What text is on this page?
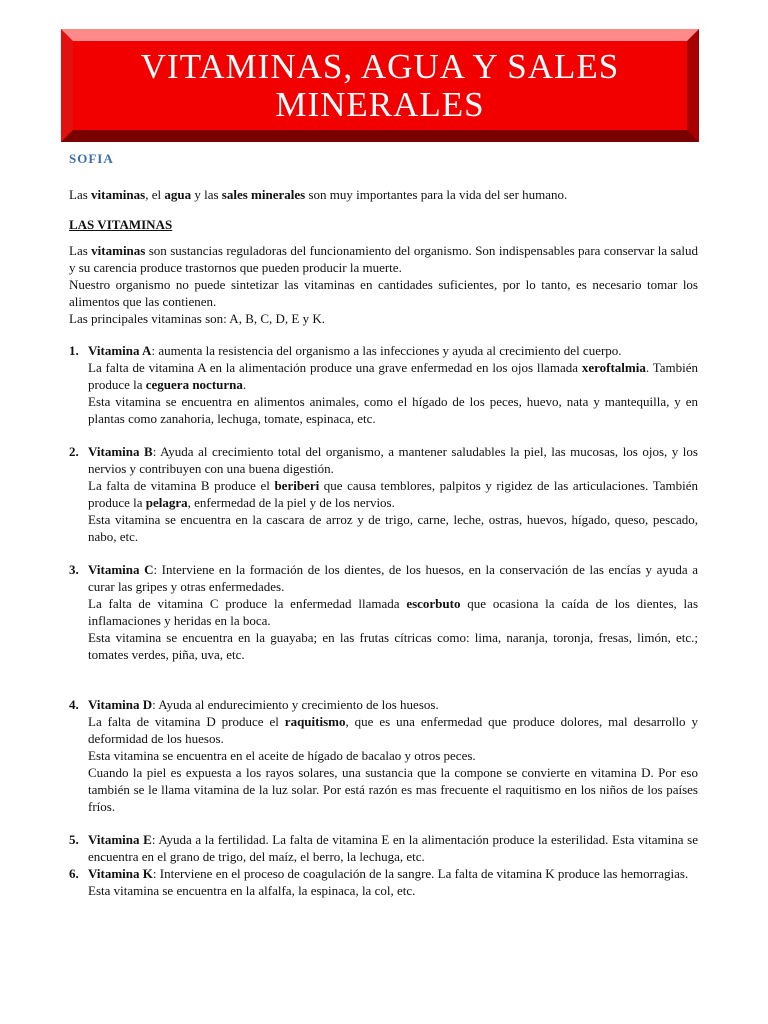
VITAMINAS, AGUA Y SALES MINERALES

SOFIA

Las vitaminas, el agua y las sales minerales son muy importantes para la vida del ser humano.

LAS VITAMINAS

Las vitaminas son sustancias reguladoras del funcionamiento del organismo. Son indispensables para conservar la salud y su carencia produce trastornos que pueden producir la muerte.

Nuestro organismo no puede sintetizar las vitaminas en cantidades suficientes, por lo tanto, es necesario tomar los alimentos que las contienen.

Las principales vitaminas son: A, B, C, D, E y K.

1. Vitamina A: aumenta la resistencia del organismo a las infecciones y ayuda al crecimiento del cuerpo.

La falta de vitamina A en la alimentación produce una grave enfermedad en los ojos llamada xeroftalmia. También produce la ceguera nocturna.

Esta vitamina se encuentra en alimentos animales, como el hígado de los peces, huevo, nata y mantequilla, y en plantas como zanahoria, lechuga, tomate, espinaca, etc.

2. Vitamina B: Ayuda al crecimiento total del organismo, a mantener saludables la piel, las mucosas, los ojos, y los nervios y contribuyen con una buena digestión.

La falta de vitamina B produce el beriberi que causa temblores, palpitos y rigidez de las articulaciones. También produce la pelagra, enfermedad de la piel y de los nervios.

Esta vitamina se encuentra en la cascara de arroz y de trigo, carne, leche, ostras, huevos, hígado, queso, pescado, nabo, etc.

3. Vitamina C: Interviene en la formación de los dientes, de los huesos, en la conservación de las encías y ayuda a curar las gripes y otras enfermedades.

La falta de vitamina C produce la enfermedad llamada escorbuto que ocasiona la caída de los dientes, las inflamaciones y heridas en la boca.

Esta vitamina se encuentra en la guayaba; en las frutas cítricas como: lima, naranja, toronja, fresas, limón, etc.; tomates verdes, piña, uva, etc.

4. Vitamina D: Ayuda al endurecimiento y crecimiento de los huesos.

La falta de vitamina D produce el raquitismo, que es una enfermedad que produce dolores, mal desarrollo y deformidad de los huesos.

Esta vitamina se encuentra en el aceite de hígado de bacalao y otros peces.

Cuando la piel es expuesta a los rayos solares, una sustancia que la compone se convierte en vitamina D. Por eso también se le llama vitamina de la luz solar. Por está razón es mas frecuente el raquitismo en los niños de los países fríos.

5. Vitamina E: Ayuda a la fertilidad. La falta de vitamina E en la alimentación produce la esterilidad. Esta vitamina se encuentra en el grano de trigo, del maíz, el berro, la lechuga, etc.

6. Vitamina K: Interviene en el proceso de coagulación de la sangre. La falta de vitamina K produce las hemorragias.

Esta vitamina se encuentra en la alfalfa, la espinaca, la col, etc.
